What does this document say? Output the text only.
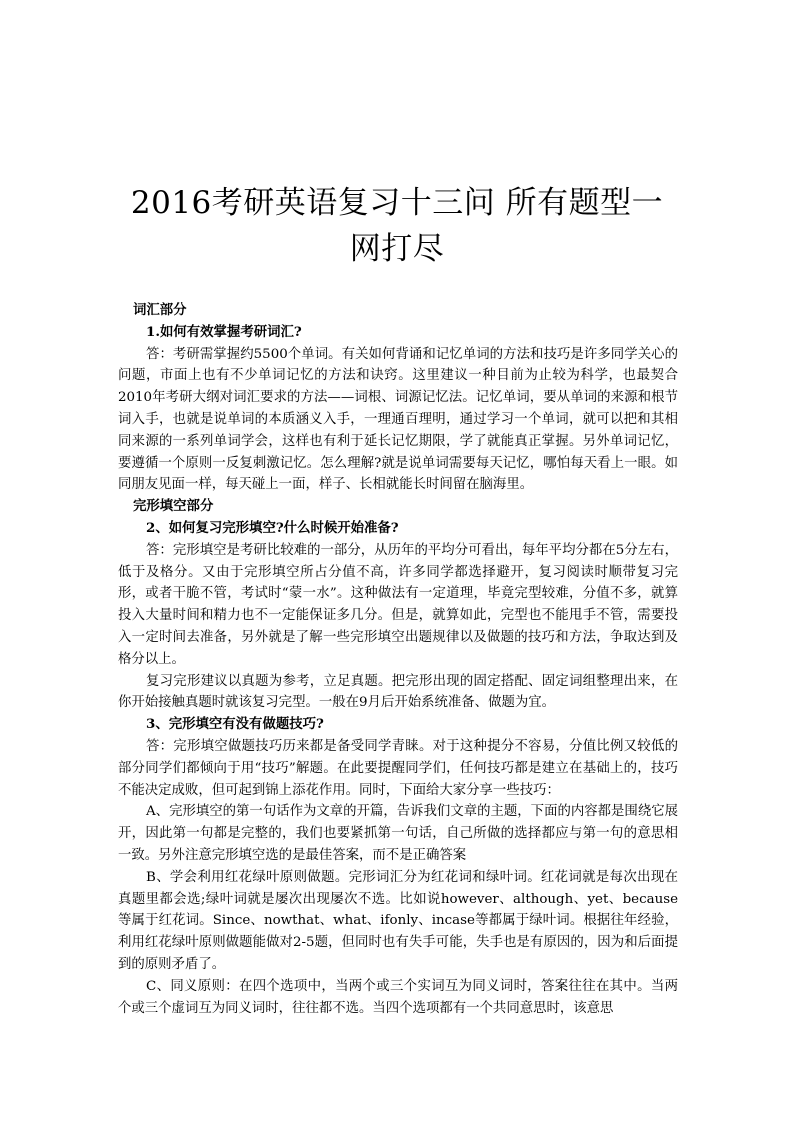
2016考研英语复习十三问 所有题型一网打尽

词汇部分

1.如何有效掌握考研词汇?

答：考研需掌握约5500个单词。有关如何背诵和记忆单词的方法和技巧是许多同学关心的问题，市面上也有不少单词记忆的方法和诀窍。这里建议一种目前为止较为科学，也最契合2010年考研大纲对词汇要求的方法——词根、词源记忆法。记忆单词，要从单词的来源和根节词入手，也就是说单词的本质涵义入手，一理通百理明，通过学习一个单词，就可以把和其相同来源的一系列单词学会，这样也有利于延长记忆期限，学了就能真正掌握。另外单词记忆，要遵循一个原则一反复刺激记忆。怎么理解?就是说单词需要每天记忆，哪怕每天看上一眼。如同朋友见面一样，每天碰上一面，样子、长相就能长时间留在脑海里。

完形填空部分

2、如何复习完形填空?什么时候开始准备?

答：完形填空是考研比较难的一部分，从历年的平均分可看出，每年平均分都在5分左右，低于及格分。又由于完形填空所占分值不高，许多同学都选择避开，复习阅读时顺带复习完形，或者干脆不管，考试时“蒙一水”。这种做法有一定道理，毕竟完型较难，分值不多，就算投入大量时间和精力也不一定能保证多几分。但是，就算如此，完型也不能甩手不管，需要投入一定时间去准备，另外就是了解一些完形填空出题规律以及做题的技巧和方法，争取达到及格分以上。

复习完形建议以真题为参考，立足真题。把完形出现的固定搭配、固定词组整理出来，在你开始接触真题时就该复习完型。一般在9月后开始系统准备、做题为宜。

3、完形填空有没有做题技巧?

答：完形填空做题技巧历来都是备受同学青睐。对于这种提分不容易，分值比例又较低的部分同学们都倾向于用“技巧”解题。在此要提醒同学们，任何技巧都是建立在基础上的，技巧不能决定成败，但可起到锦上添花作用。同时，下面给大家分享一些技巧：

A、完形填空的第一句话作为文章的开篇，告诉我们文章的主题，下面的内容都是围绕它展开，因此第一句都是完整的，我们也要紧抓第一句话，自己所做的选择都应与第一句的意思相一致。另外注意完形填空选的是最佳答案，而不是正确答案

B、学会利用红花绿叶原则做题。完形词汇分为红花词和绿叶词。红花词就是每次出现在真题里都会选;绿叶词就是屡次出现屡次不选。比如说however、although、yet、because等属于红花词。Since、nowthat、what、ifonly、incase等都属于绿叶词。根据往年经验，利用红花绿叶原则做题能做对2-5题，但同时也有失手可能，失手也是有原因的，因为和后面提到的原则矛盾了。

C、同义原则：在四个选项中，当两个或三个实词互为同义词时，答案往往在其中。当两个或三个虚词互为同义词时，往往都不选。当四个选项都有一个共同意思时，该意思
